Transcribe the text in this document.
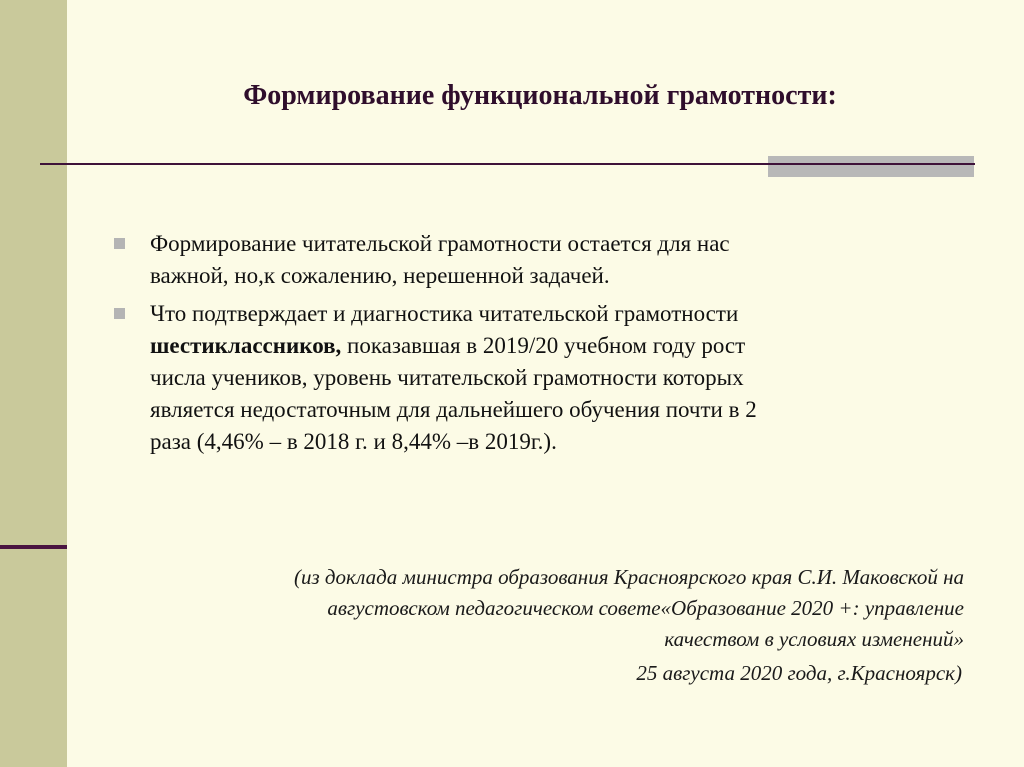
Формирование функциональной грамотности:
Формирование читательской грамотности остается для нас
важной, но,к сожалению, нерешенной задачей.
Что подтверждает и диагностика читательской грамотности
шестиклассников, показавшая в 2019/20 учебном году рост
числа учеников, уровень читательской грамотности которых
является недостаточным для дальнейшего обучения почти в 2
раза (4,46% – в 2018 г. и 8,44% –в 2019г.).
(из доклада министра образования Красноярского края С.И. Маковской на
августовском педагогическом совете«Образование 2020 +: управление
качеством в условиях изменений»
25 августа 2020 года, г.Красноярск)
